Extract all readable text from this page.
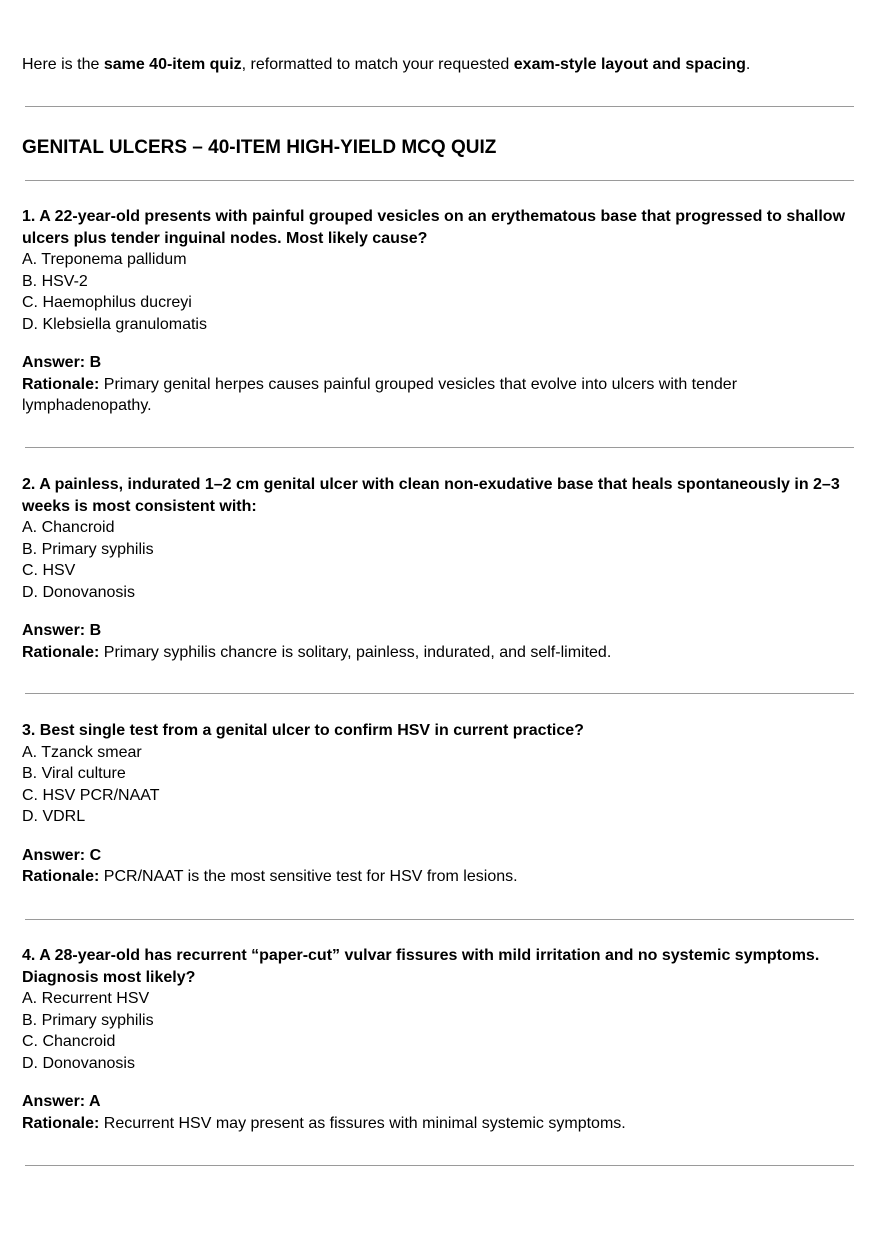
Here is the same 40-item quiz, reformatted to match your requested exam-style layout and spacing.
GENITAL ULCERS – 40-ITEM HIGH-YIELD MCQ QUIZ

1. A 22-year-old presents with painful grouped vesicles on an erythematous base that progressed to shallow ulcers plus tender inguinal nodes. Most likely cause?

A. Treponema pallidum
B. HSV-2
C. Haemophilus ducreyi
D. Klebsiella granulomatis

Answer: B

Rationale: Primary genital herpes causes painful grouped vesicles that evolve into ulcers with tender lymphadenopathy.

2. A painless, indurated 1–2 cm genital ulcer with clean non-exudative base that heals spontaneously in 2–3 weeks is most consistent with:

A. Chancroid
B. Primary syphilis
C. HSV
D. Donovanosis

Answer: B

Rationale: Primary syphilis chancre is solitary, painless, indurated, and self-limited.

3. Best single test from a genital ulcer to confirm HSV in current practice?

A. Tzanck smear
B. Viral culture
C. HSV PCR/NAAT
D. VDRL

Answer: C

Rationale: PCR/NAAT is the most sensitive test for HSV from lesions.

4. A 28-year-old has recurrent “paper-cut” vulvar fissures with mild irritation and no systemic symptoms. Diagnosis most likely?

A. Recurrent HSV
B. Primary syphilis
C. Chancroid
D. Donovanosis

Answer: A

Rationale: Recurrent HSV may present as fissures with minimal systemic symptoms.
